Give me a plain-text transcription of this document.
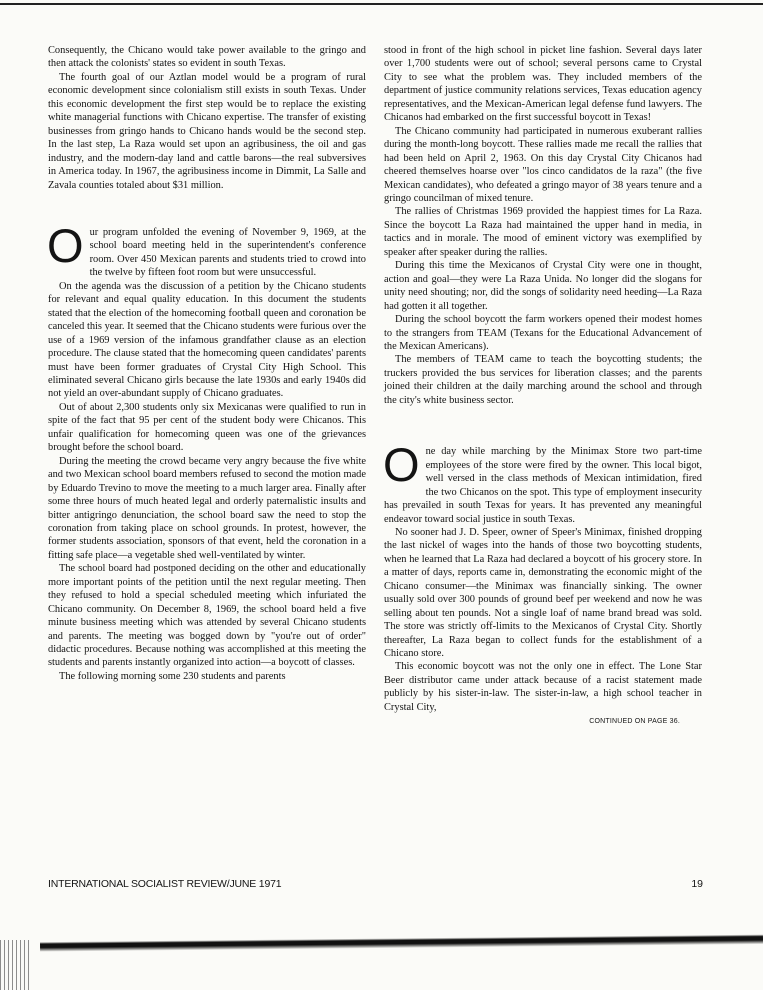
Consequently, the Chicano would take power available to the gringo and then attack the colonists' states so evident in south Texas.

The fourth goal of our Aztlan model would be a program of rural economic development since colonialism still exists in south Texas. Under this economic development the first step would be to replace the existing white managerial functions with Chicano expertise. The transfer of existing businesses from gringo hands to Chicano hands would be the second step. In the last step, La Raza would set upon an agribusiness, the oil and gas industry, and the modern-day land and cattle barons—the real subversives in America today. In 1967, the agribusiness income in Dimmit, La Salle and Zavala counties totaled about $31 million.

Our program unfolded the evening of November 9, 1969, at the school board meeting held in the superintendent's conference room. Over 450 Mexican parents and students tried to crowd into the twelve by fifteen foot room but were unsuccessful.

On the agenda was the discussion of a petition by the Chicano students for relevant and equal quality education. In this document the students stated that the election of the homecoming football queen and coronation be canceled this year. It seemed that the Chicano students were furious over the use of a 1969 version of the infamous grandfather clause as an election procedure. The clause stated that the homecoming queen candidates' parents must have been former graduates of Crystal City High School. This eliminated several Chicano girls because the late 1930s and early 1940s did not yield an over-abundant supply of Chicano graduates.

Out of about 2,300 students only six Mexicanas were qualified to run in spite of the fact that 95 per cent of the student body were Chicanos. This unfair qualification for homecoming queen was one of the grievances brought before the school board.

During the meeting the crowd became very angry because the five white and two Mexican school board members refused to second the motion made by Eduardo Trevino to move the meeting to a much larger area. Finally after some three hours of much heated legal and orderly paternalistic insults and bitter antigringo denunciation, the school board saw the need to stop the coronation from taking place on school grounds. In protest, however, the former students association, sponsors of that event, held the coronation in a fitting safe place—a vegetable shed well-ventilated by winter.

The school board had postponed deciding on the other and educationally more important points of the petition until the next regular meeting. Then they refused to hold a special scheduled meeting which infuriated the Chicano community. On December 8, 1969, the school board held a five minute business meeting which was attended by several Chicano students and parents. The meeting was bogged down by "you're out of order" didactic procedures. Because nothing was accomplished at this meeting the students and parents instantly organized into action—a boycott of classes.

The following morning some 230 students and parents

stood in front of the high school in picket line fashion. Several days later over 1,700 students were out of school; several persons came to Crystal City to see what the problem was. They included members of the department of justice community relations services, Texas education agency representatives, and the Mexican-American legal defense fund lawyers. The Chicanos had embarked on the first successful boycott in Texas!

The Chicano community had participated in numerous exuberant rallies during the month-long boycott. These rallies made me recall the rallies that had been held on April 2, 1963. On this day Crystal City Chicanos had cheered themselves hoarse over "los cinco candidatos de la raza" (the five Mexican candidates), who defeated a gringo mayor of 38 years tenure and a gringo councilman of mixed tenure.

The rallies of Christmas 1969 provided the happiest times for La Raza. Since the boycott La Raza had maintained the upper hand in media, in tactics and in morale. The mood of eminent victory was exemplified by speaker after speaker during the rallies.

During this time the Mexicanos of Crystal City were one in thought, action and goal—they were La Raza Unida. No longer did the slogans for unity need shouting; nor, did the songs of solidarity need heeding—La Raza had gotten it all together.

During the school boycott the farm workers opened their modest homes to the strangers from TEAM (Texans for the Educational Advancement of the Mexican Americans).

The members of TEAM came to teach the boycotting students; the truckers provided the bus services for liberation classes; and the parents joined their children at the daily marching around the school and through the city's white business sector.

One day while marching by the Minimax Store two part-time employees of the store were fired by the owner. This local bigot, well versed in the class methods of Mexican intimidation, fired the two Chicanos on the spot. This type of employment insecurity has prevailed in south Texas for years. It has prevented any meaningful endeavor toward social justice in south Texas.

No sooner had J. D. Speer, owner of Speer's Minimax, finished dropping the last nickel of wages into the hands of those two boycotting students, when he learned that La Raza had declared a boycott of his grocery store. In a matter of days, reports came in, demonstrating the economic might of the Chicano consumer—the Minimax was financially sinking. The owner usually sold over 300 pounds of ground beef per weekend and now he was selling about ten pounds. Not a single loaf of name brand bread was sold. The store was strictly off-limits to the Mexicanos of Crystal City. Shortly thereafter, La Raza began to collect funds for the establishment of a Chicano store.

This economic boycott was not the only one in effect. The Lone Star Beer distributor came under attack because of a racist statement made publicly by his sister-in-law. The sister-in-law, a high school teacher in Crystal City,

CONTINUED ON PAGE 36.
INTERNATIONAL SOCIALIST REVIEW/JUNE 1971	19
